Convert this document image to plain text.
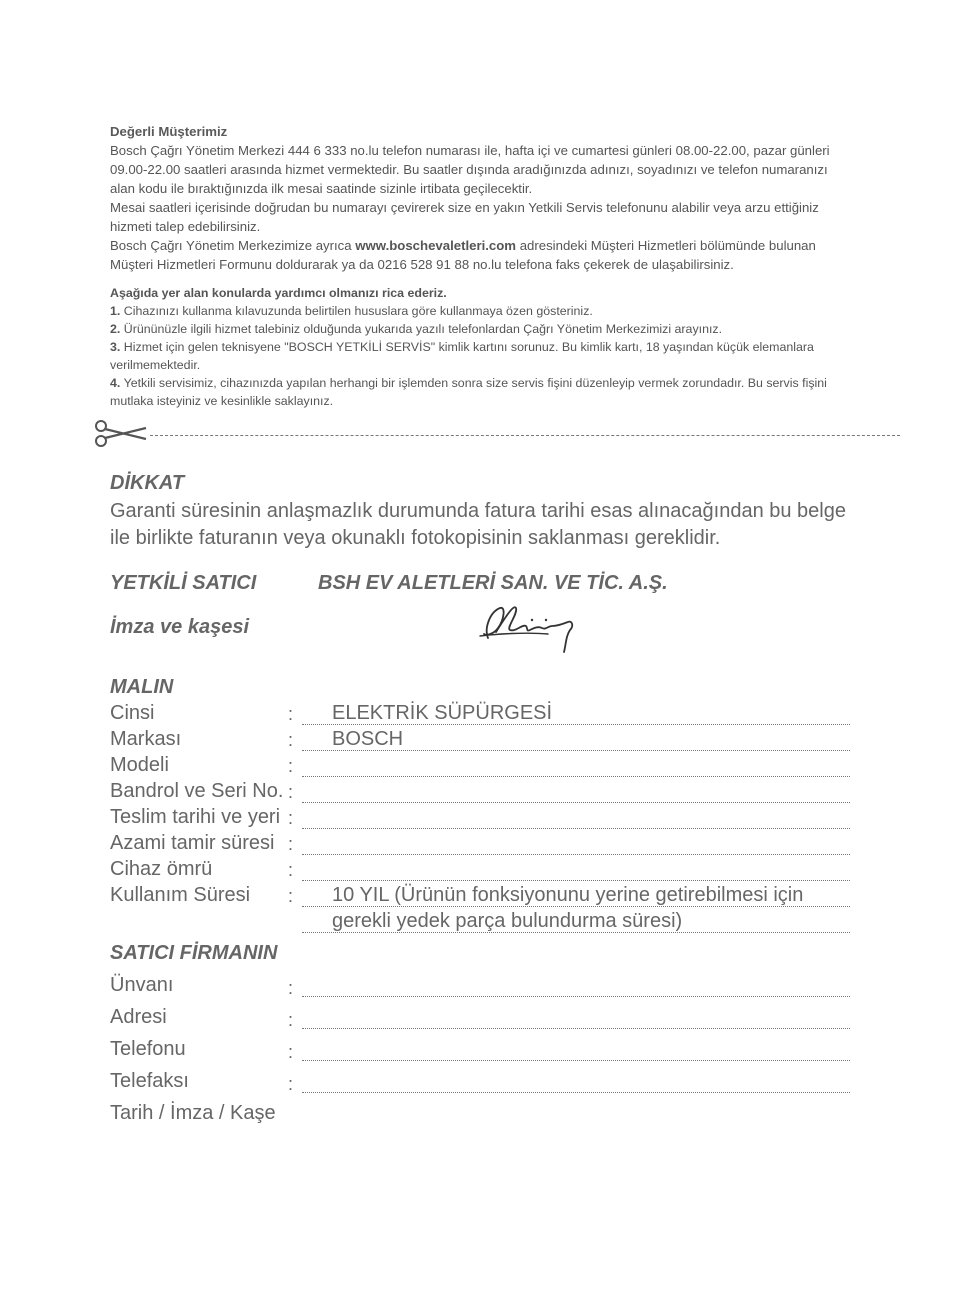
Değerli Müşterimiz

Bosch Çağrı Yönetim Merkezi 444 6 333 no.lu telefon numarası ile, hafta içi ve cumartesi günleri 08.00-22.00, pazar günleri 09.00-22.00 saatleri arasında hizmet vermektedir. Bu saatler dışında aradığınızda adınızı, soyadınızı ve telefon numaranızı alan kodu ile bıraktığınızda ilk mesai saatinde sizinle irtibata geçilecektir.

Mesai saatleri içerisinde doğrudan bu numarayı çevirerek size en yakın Yetkili Servis telefonunu alabilir veya arzu ettiğiniz hizmeti talep edebilirsiniz.

Bosch Çağrı Yönetim Merkezimize ayrıca www.boschevaletleri.com adresindeki Müşteri Hizmetleri bölümünde bulunan Müşteri Hizmetleri Formunu doldurarak ya da 0216 528 91 88 no.lu telefona faks çekerek de ulaşabilirsiniz.

Aşağıda yer alan konularda yardımcı olmanızı rica ederiz.

1. Cihazınızı kullanma kılavuzunda belirtilen hususlara göre kullanmaya özen gösteriniz.

2. Ürününüzle ilgili hizmet talebiniz olduğunda yukarıda yazılı telefonlardan Çağrı Yönetim Merkezimizi arayınız.

3. Hizmet için gelen teknisyene "BOSCH YETKİLİ SERVİS" kimlik kartını sorunuz. Bu kimlik kartı, 18 yaşından küçük elemanlara verilmemektedir.

4. Yetkili servisimiz, cihazınızda yapılan herhangi bir işlemden sonra size servis fişini düzenleyip vermek zorundadır. Bu servis fişini mutlaka isteyiniz ve kesinlikle saklayınız.

DİKKAT
Garanti süresinin anlaşmazlık durumunda fatura tarihi esas alınacağından bu belge ile birlikte faturanın veya okunaklı fotokopisinin saklanması gereklidir.
YETKİLİ SATICI	BSH EV ALETLERİ SAN. VE TİC. A.Ş.
İmza ve kaşesi
MALIN
Cinsi	: ELEKTRİK SÜPÜRGESİ
Markası	: BOSCH
Modeli	:
Bandrol ve Seri No. :
Teslim tarihi ve yeri :
Azami tamir süresi :
Cihaz ömrü	:
Kullanım Süresi : 10 YIL (Ürünün fonksiyonunu yerine getirebilmesi için
gerekli yedek parça bulundurma süresi)
SATICI FİRMANIN
Ünvanı	:
Adresi	:
Telefonu	:
Telefaksı	:
Tarih / İmza / Kaşe
